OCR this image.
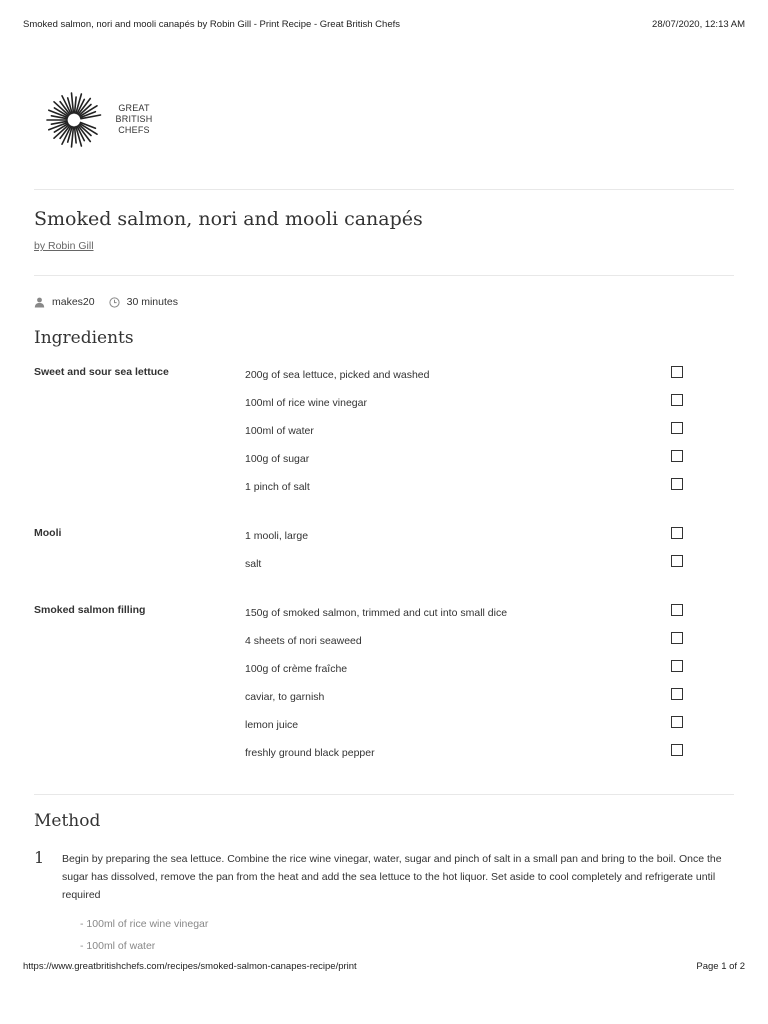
Smoked salmon, nori and mooli canapés by Robin Gill - Print Recipe - Great British Chefs	28/07/2020, 12:13 AM
GREAT
BRITISH
CHEFS
Smoked salmon, nori and mooli canapés
by Robin Gill
makes20	30 minutes
Ingredients
Sweet and sour sea lettuce	200g of sea lettuce, picked and washed
100ml of rice wine vinegar
100ml of water
100g of sugar
1 pinch of salt
Mooli	1 mooli, large
salt
Smoked salmon filling	150g of smoked salmon, trimmed and cut into small dice
4 sheets of nori seaweed
100g of crème fraîche
caviar, to garnish
lemon juice
freshly ground black pepper
Method
1 Begin by preparing the sea lettuce. Combine the rice wine vinegar, water, sugar and pinch of salt in a small pan and bring to the boil. Once the sugar has dissolved, remove the pan from the heat and add the sea lettuce to the hot liquor. Set aside to cool completely and refrigerate until required
- 100ml of rice wine vinegar
- 100ml of water
https://www.greatbritishchefs.com/recipes/smoked-salmon-canapes-recipe/print	Page 1 of 2
